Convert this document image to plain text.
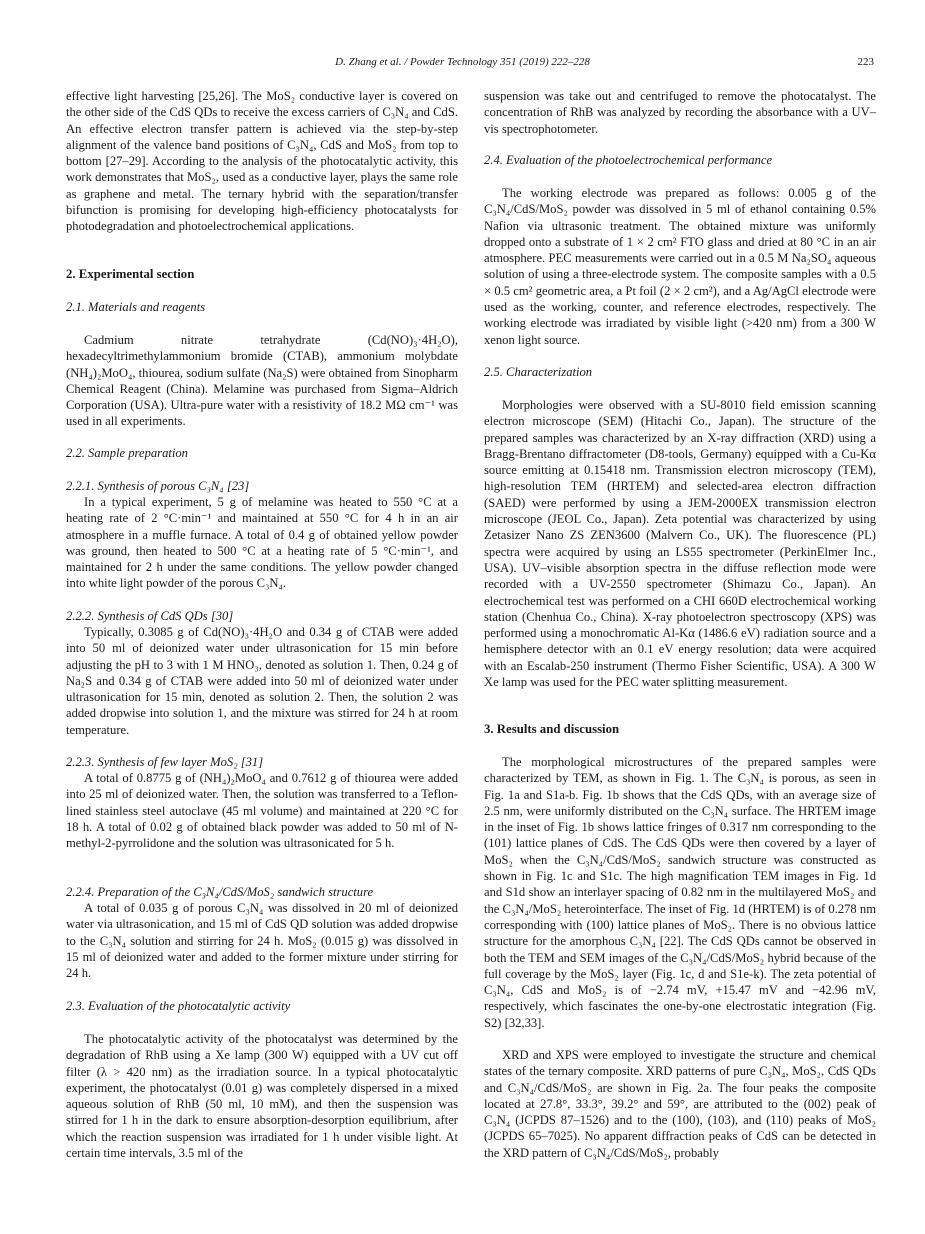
D. Zhang et al. / Powder Technology 351 (2019) 222–228	223
effective light harvesting [25,26]. The MoS₂ conductive layer is covered on the other side of the CdS QDs to receive the excess carriers of C₃N₄ and CdS. An effective electron transfer pattern is achieved via the step-by-step alignment of the valence band positions of C₃N₄, CdS and MoS₂ from top to bottom [27–29]. According to the analysis of the photocatalytic activity, this work demonstrates that MoS₂, used as a conductive layer, plays the same role as graphene and metal. The ternary hybrid with the separation/transfer bifunction is promising for developing high-efficiency photocatalysts for photodegradation and photoelectrochemical applications.
2. Experimental section
2.1. Materials and reagents
Cadmium nitrate tetrahydrate (Cd(NO)₃·4H₂O), hexadecyltrimethylammonium bromide (CTAB), ammonium molybdate (NH₄)₂MoO₄, thiourea, sodium sulfate (Na₂S) were obtained from Sinopharm Chemical Reagent (China). Melamine was purchased from Sigma–Aldrich Corporation (USA). Ultra-pure water with a resistivity of 18.2 MΩ cm⁻¹ was used in all experiments.
2.2. Sample preparation
2.2.1. Synthesis of porous C₃N₄ [23]
In a typical experiment, 5 g of melamine was heated to 550 °C at a heating rate of 2 °C·min⁻¹ and maintained at 550 °C for 4 h in an air atmosphere in a muffle furnace. A total of 0.4 g of obtained yellow powder was ground, then heated to 500 °C at a heating rate of 5 °C·min⁻¹, and maintained for 2 h under the same conditions. The yellow powder changed into white light powder of the porous C₃N₄.
2.2.2. Synthesis of CdS QDs [30]
Typically, 0.3085 g of Cd(NO)₃·4H₂O and 0.34 g of CTAB were added into 50 ml of deionized water under ultrasonication for 15 min before adjusting the pH to 3 with 1 M HNO₃, denoted as solution 1. Then, 0.24 g of Na₂S and 0.34 g of CTAB were added into 50 ml of deionized water under ultrasonication for 15 min, denoted as solution 2. Then, the solution 2 was added dropwise into solution 1, and the mixture was stirred for 24 h at room temperature.
2.2.3. Synthesis of few layer MoS₂ [31]
A total of 0.8775 g of (NH₄)₂MoO₄ and 0.7612 g of thiourea were added into 25 ml of deionized water. Then, the solution was transferred to a Teflon-lined stainless steel autoclave (45 ml volume) and maintained at 220 °C for 18 h. A total of 0.02 g of obtained black powder was added to 50 ml of N-methyl-2-pyrrolidone and the solution was ultrasonicated for 5 h.
2.2.4. Preparation of the C₃N₄/CdS/MoS₂ sandwich structure
A total of 0.035 g of porous C₃N₄ was dissolved in 20 ml of deionized water via ultrasonication, and 15 ml of CdS QD solution was added dropwise to the C₃N₄ solution and stirring for 24 h. MoS₂ (0.015 g) was dissolved in 15 ml of deionized water and added to the former mixture under stirring for 24 h.
2.3. Evaluation of the photocatalytic activity
The photocatalytic activity of the photocatalyst was determined by the degradation of RhB using a Xe lamp (300 W) equipped with a UV cut off filter (λ > 420 nm) as the irradiation source. In a typical photocatalytic experiment, the photocatalyst (0.01 g) was completely dispersed in a mixed aqueous solution of RhB (50 ml, 10 mM), and then the suspension was stirred for 1 h in the dark to ensure absorption-desorption equilibrium, after which the reaction suspension was irradiated for 1 h under visible light. At certain time intervals, 3.5 ml of the
suspension was take out and centrifuged to remove the photocatalyst. The concentration of RhB was analyzed by recording the absorbance with a UV–vis spectrophotometer.
2.4. Evaluation of the photoelectrochemical performance
The working electrode was prepared as follows: 0.005 g of the C₃N₄/CdS/MoS₂ powder was dissolved in 5 ml of ethanol containing 0.5% Nafion via ultrasonic treatment. The obtained mixture was uniformly dropped onto a substrate of 1 × 2 cm² FTO glass and dried at 80 °C in an air atmosphere. PEC measurements were carried out in a 0.5 M Na₂SO₄ aqueous solution of using a three-electrode system. The composite samples with a 0.5 × 0.5 cm² geometric area, a Pt foil (2 × 2 cm²), and a Ag/AgCl electrode were used as the working, counter, and reference electrodes, respectively. The working electrode was irradiated by visible light (>420 nm) from a 300 W xenon light source.
2.5. Characterization
Morphologies were observed with a SU-8010 field emission scanning electron microscope (SEM) (Hitachi Co., Japan). The structure of the prepared samples was characterized by an X-ray diffraction (XRD) using a Bragg-Brentano diffractometer (D8-tools, Germany) equipped with a Cu-Kα source emitting at 0.15418 nm. Transmission electron microscopy (TEM), high-resolution TEM (HRTEM) and selected-area electron diffraction (SAED) were performed by using a JEM-2000EX transmission electron microscope (JEOL Co., Japan). Zeta potential was characterized by using Zetasizer Nano ZS ZEN3600 (Malvern Co., UK). The fluorescence (PL) spectra were acquired by using an LS55 spectrometer (PerkinElmer Inc., USA). UV–visible absorption spectra in the diffuse reflection mode were recorded with a UV-2550 spectrometer (Shimazu Co., Japan). An electrochemical test was performed on a CHI 660D electrochemical working station (Chenhua Co., China). X-ray photoelectron spectroscopy (XPS) was performed using a monochromatic Al-Kα (1486.6 eV) radiation source and a hemisphere detector with an 0.1 eV energy resolution; data were acquired with an Escalab-250 instrument (Thermo Fisher Scientific, USA). A 300 W Xe lamp was used for the PEC water splitting measurement.
3. Results and discussion
The morphological microstructures of the prepared samples were characterized by TEM, as shown in Fig. 1. The C₃N₄ is porous, as seen in Fig. 1a and S1a-b. Fig. 1b shows that the CdS QDs, with an average size of 2.5 nm, were uniformly distributed on the C₃N₄ surface. The HRTEM image in the inset of Fig. 1b shows lattice fringes of 0.317 nm corresponding to the (101) lattice planes of CdS. The CdS QDs were then covered by a layer of MoS₂ when the C₃N₄/CdS/MoS₂ sandwich structure was constructed as shown in Fig. 1c and S1c. The high magnification TEM images in Fig. 1d and S1d show an interlayer spacing of 0.82 nm in the multilayered MoS₂ and the C₃N₄/MoS₂ heterointerface. The inset of Fig. 1d (HRTEM) is of 0.278 nm corresponding with (100) lattice planes of MoS₂. There is no obvious lattice structure for the amorphous C₃N₄ [22]. The CdS QDs cannot be observed in both the TEM and SEM images of the C₃N₄/CdS/MoS₂ hybrid because of the full coverage by the MoS₂ layer (Fig. 1c, d and S1e-k). The zeta potential of C₃N₄, CdS and MoS₂ is of −2.74 mV, +15.47 mV and −42.96 mV, respectively, which fascinates the one-by-one electrostatic integration (Fig. S2) [32,33].
XRD and XPS were employed to investigate the structure and chemical states of the ternary composite. XRD patterns of pure C₃N₄, MoS₂, CdS QDs and C₃N₄/CdS/MoS₂ are shown in Fig. 2a. The four peaks the composite located at 27.8°, 33.3°, 39.2° and 59°, are attributed to the (002) peak of C₃N₄ (JCPDS 87–1526) and to the (100), (103), and (110) peaks of MoS₂ (JCPDS 65–7025). No apparent diffraction peaks of CdS can be detected in the XRD pattern of C₃N₄/CdS/MoS₂, probably
